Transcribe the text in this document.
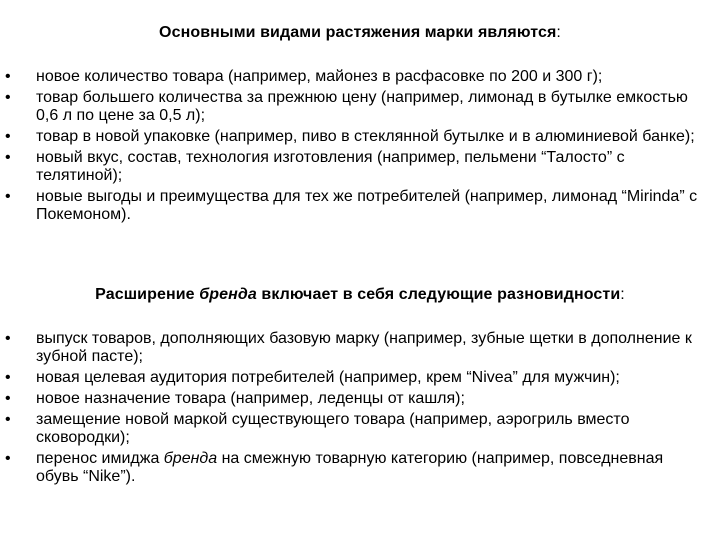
Основными видами растяжения марки являются:
• новое количество товара (например, майонез в расфасовке по 200 и 300 г);
• товар большего количества за прежнюю цену (например, лимонад в бутылке емкостью 0,6 л по цене за 0,5 л);
• товар в новой упаковке (например, пиво в стеклянной бутылке и в алюминиевой банке);
• новый вкус, состав, технология изготовления (например, пельмени “Талосто” с телятиной);
• новые выгоды и преимущества для тех же потребителей (например, лимонад “Mirinda” с Покемоном).
Расширение бренда включает в себя следующие разновидности:
• выпуск товаров, дополняющих базовую марку (например, зубные щетки в дополнение к зубной пасте);
• новая целевая аудитория потребителей (например, крем “Nivea” для мужчин);
• новое назначение товара (например, леденцы от кашля);
• замещение новой маркой существующего товара (например, аэрогриль вместо сковородки);
• перенос имиджа бренда на смежную товарную категорию (например, повседневная обувь “Nike”).
